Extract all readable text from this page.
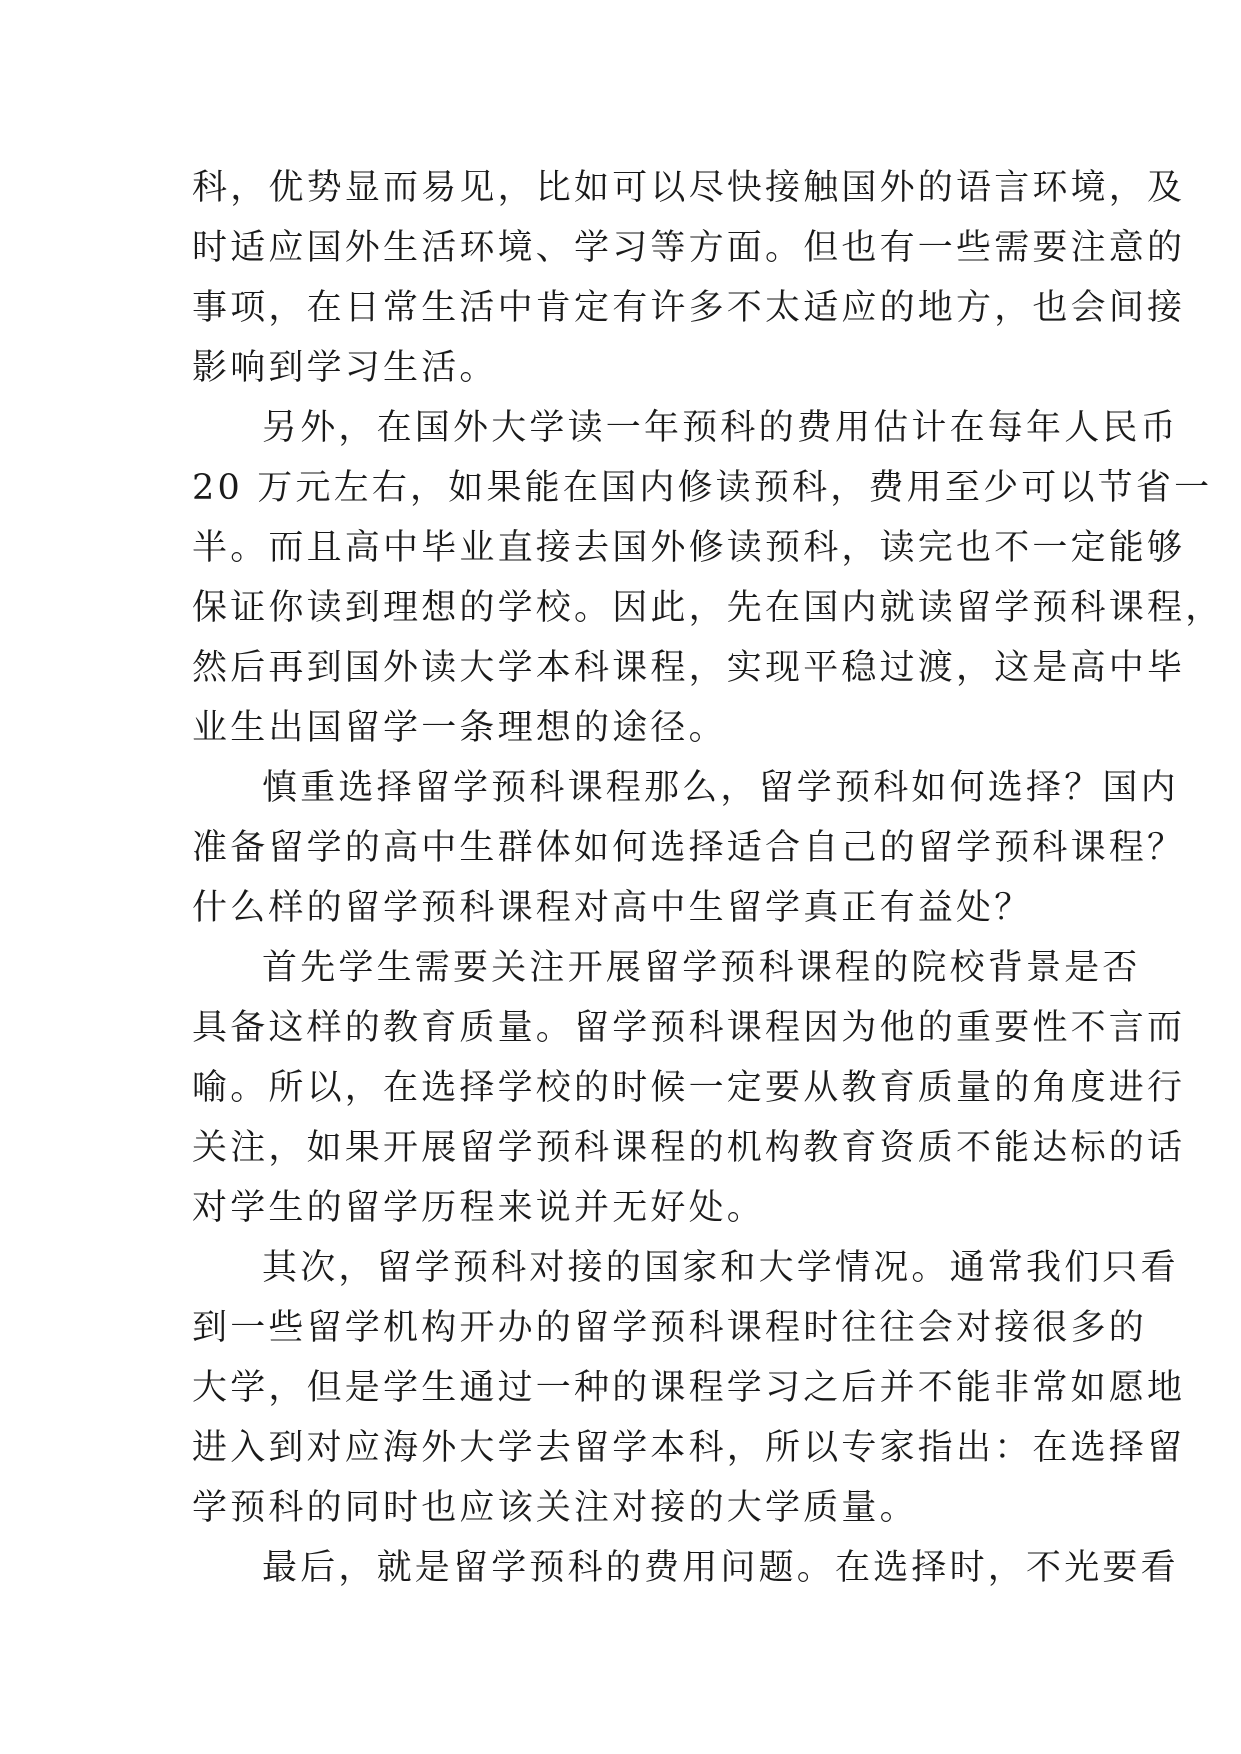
科，优势显而易见，比如可以尽快接触国外的语言环境，及
时适应国外生活环境、学习等方面。但也有一些需要注意的
事项，在日常生活中肯定有许多不太适应的地方，也会间接
影响到学习生活。
另外，在国外大学读一年预科的费用估计在每年人民币
20 万元左右，如果能在国内修读预科，费用至少可以节省一
半。而且高中毕业直接去国外修读预科，读完也不一定能够
保证你读到理想的学校。因此，先在国内就读留学预科课程，
然后再到国外读大学本科课程，实现平稳过渡，这是高中毕
业生出国留学一条理想的途径。
慎重选择留学预科课程那么，留学预科如何选择？国内
准备留学的高中生群体如何选择适合自己的留学预科课程？
什么样的留学预科课程对高中生留学真正有益处？
首先学生需要关注开展留学预科课程的院校背景是否
具备这样的教育质量。留学预科课程因为他的重要性不言而
喻。所以，在选择学校的时候一定要从教育质量的角度进行
关注，如果开展留学预科课程的机构教育资质不能达标的话
对学生的留学历程来说并无好处。
其次，留学预科对接的国家和大学情况。通常我们只看
到一些留学机构开办的留学预科课程时往往会对接很多的
大学，但是学生通过一种的课程学习之后并不能非常如愿地
进入到对应海外大学去留学本科，所以专家指出：在选择留
学预科的同时也应该关注对接的大学质量。
最后，就是留学预科的费用问题。在选择时，不光要看
